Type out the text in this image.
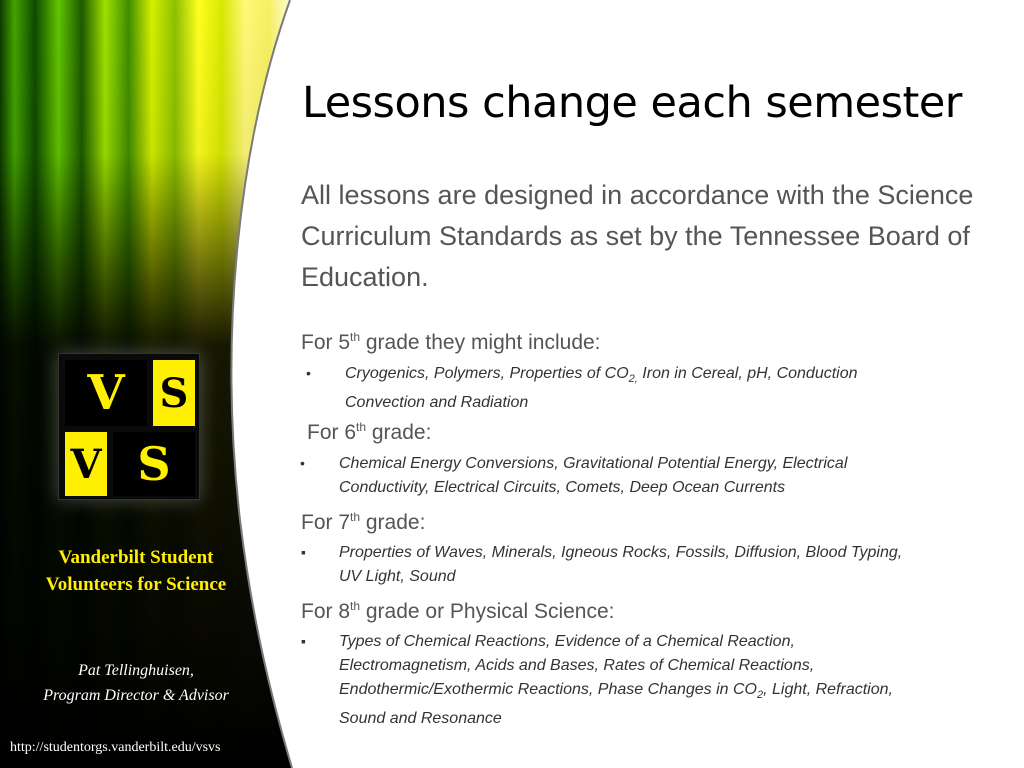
V S
V S
Vanderbilt Student
Volunteers for Science
Pat Tellinghuisen,
Program Director & Advisor
http://studentorgs.vanderbilt.edu/vsvs
Lessons change each semester
All lessons are designed in accordance with the Science Curriculum Standards as set by the Tennessee Board of Education.
For 5th grade they might include:
• Cryogenics, Polymers, Properties of $CO_{2,}$ Iron in Cereal, pH, Conduction
Convection and Radiation
For 6th grade:
• Chemical Energy Conversions, Gravitational Potential Energy, Electrical
Conductivity, Electrical Circuits, Comets, Deep Ocean Currents
For 7th grade:
▪ Properties of Waves, Minerals, Igneous Rocks, Fossils, Diffusion, Blood Typing,
UV Light, Sound
For 8th grade or Physical Science:
▪ Types of Chemical Reactions, Evidence of a Chemical Reaction,
Electromagnetism, Acids and Bases, Rates of Chemical Reactions,
Endothermic/Exothermic Reactions, Phase Changes in $CO_2$, Light, Refraction,
Sound and Resonance
